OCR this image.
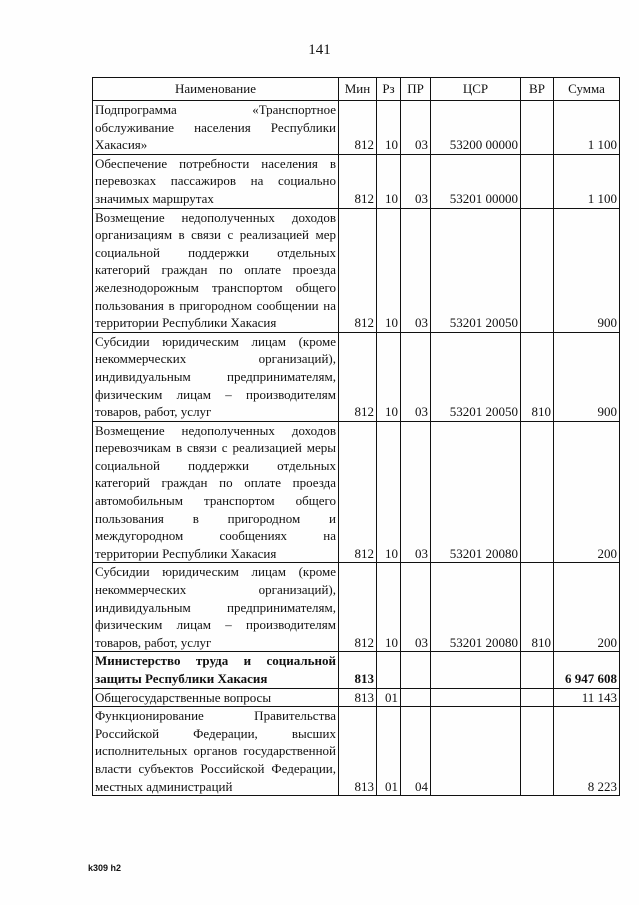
141
Наименование	Мин	Рз	ПР	ЦСР	ВР	Сумма
Подпрограмма «Транспортное обслуживание населения Республики Хакасия»	812	10	03	53200 00000		1 100
Обеспечение потребности населения в перевозках пассажиров на социально значимых маршрутах	812	10	03	53201 00000		1 100
Возмещение недополученных доходов организациям в связи с реализацией мер социальной поддержки отдельных категорий граждан по оплате проезда железнодорожным транспортом общего пользования в пригородном сообщении на территории Республики Хакасия	812	10	03	53201 20050		900
Субсидии юридическим лицам (кроме некоммерческих организаций), индивидуальным предпринимателям, физическим лицам – производителям товаров, работ, услуг	812	10	03	53201 20050	810	900
Возмещение недополученных доходов перевозчикам в связи с реализацией меры социальной поддержки отдельных категорий граждан по оплате проезда автомобильным транспортом общего пользования в пригородном и междугородном сообщениях на территории Республики Хакасия	812	10	03	53201 20080		200
Субсидии юридическим лицам (кроме некоммерческих организаций), индивидуальным предпринимателям, физическим лицам – производителям товаров, работ, услуг	812	10	03	53201 20080	810	200
Министерство труда и социальной защиты Республики Хакасия	813					6 947 608
Общегосударственные вопросы	813	01				11 143
Функционирование Правительства Российской Федерации, высших исполнительных органов государственной власти субъектов Российской Федерации, местных администраций	813	01	04			8 223
k309 h2
